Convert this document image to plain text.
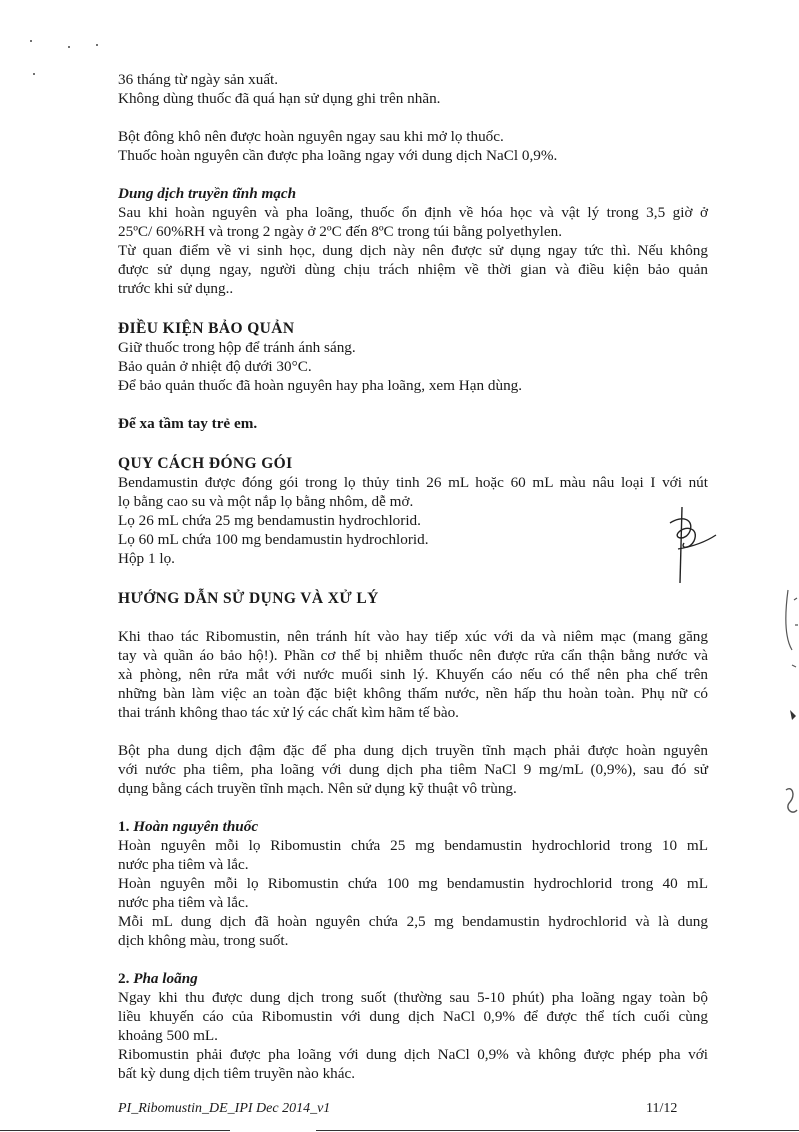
36 tháng từ ngày sản xuất.
Không dùng thuốc đã quá hạn sử dụng ghi trên nhãn.
Bột đông khô nên được hoàn nguyên ngay sau khi mở lọ thuốc.
Thuốc hoàn nguyên cần được pha loãng ngay với dung dịch NaCl 0,9%.
Dung dịch truyền tĩnh mạch
Sau khi hoàn nguyên và pha loãng, thuốc ổn định về hóa học và vật lý trong 3,5 giờ ở
25ºC/ 60%RH và trong 2 ngày ở 2ºC đến 8ºC trong túi bằng polyethylen.
Từ quan điểm về vi sinh học, dung dịch này nên được sử dụng ngay tức thì. Nếu không
được sử dụng ngay, người dùng chịu trách nhiệm về thời gian và điều kiện bảo quản
trước khi sử dụng..
ĐIỀU KIỆN BẢO QUẢN
Giữ thuốc trong hộp để tránh ánh sáng.
Bảo quản ở nhiệt độ dưới 30°C.
Để bảo quản thuốc đã hoàn nguyên hay pha loãng, xem Hạn dùng.
Để xa tầm tay trẻ em.
QUY CÁCH ĐÓNG GÓI
Bendamustin được đóng gói trong lọ thủy tinh 26 mL hoặc 60 mL màu nâu loại I với nút
lọ bằng cao su và một nắp lọ bằng nhôm, dễ mở.
Lọ 26 mL chứa 25 mg bendamustin hydrochlorid.
Lọ 60 mL chứa 100 mg bendamustin hydrochlorid.
Hộp 1 lọ.
HƯỚNG DẪN SỬ DỤNG VÀ XỬ LÝ
Khi thao tác Ribomustin, nên tránh hít vào hay tiếp xúc với da và niêm mạc (mang găng
tay và quần áo bảo hộ!). Phần cơ thể bị nhiễm thuốc nên được rửa cẩn thận bằng nước và
xà phòng, nên rửa mắt với nước muối sinh lý. Khuyến cáo nếu có thể nên pha chế trên
những bàn làm việc an toàn đặc biệt không thấm nước, nền hấp thu hoàn toàn. Phụ nữ có
thai tránh không thao tác xử lý các chất kìm hãm tế bào.
Bột pha dung dịch đậm đặc để pha dung dịch truyền tĩnh mạch phải được hoàn nguyên
với nước pha tiêm, pha loãng với dung dịch pha tiêm NaCl 9 mg/mL (0,9%), sau đó sử
dụng bằng cách truyền tĩnh mạch. Nên sử dụng kỹ thuật vô trùng.
1. Hoàn nguyên thuốc
Hoàn nguyên mỗi lọ Ribomustin chứa 25 mg bendamustin hydrochlorid trong 10 mL
nước pha tiêm và lắc.
Hoàn nguyên mỗi lọ Ribomustin chứa 100 mg bendamustin hydrochlorid trong 40 mL
nước pha tiêm và lắc.
Mỗi mL dung dịch đã hoàn nguyên chứa 2,5 mg bendamustin hydrochlorid và là dung
dịch không màu, trong suốt.
2. Pha loãng
Ngay khi thu được dung dịch trong suốt (thường sau 5-10 phút) pha loãng ngay toàn bộ
liều khuyến cáo của Ribomustin với dung dịch NaCl 0,9% để được thể tích cuối cùng
khoảng 500 mL.
Ribomustin phải được pha loãng với dung dịch NaCl 0,9% và không được phép pha với
bất kỳ dung dịch tiêm truyền nào khác.
PI_Ribomustin_DE_IPI Dec 2014_v1	11/12
